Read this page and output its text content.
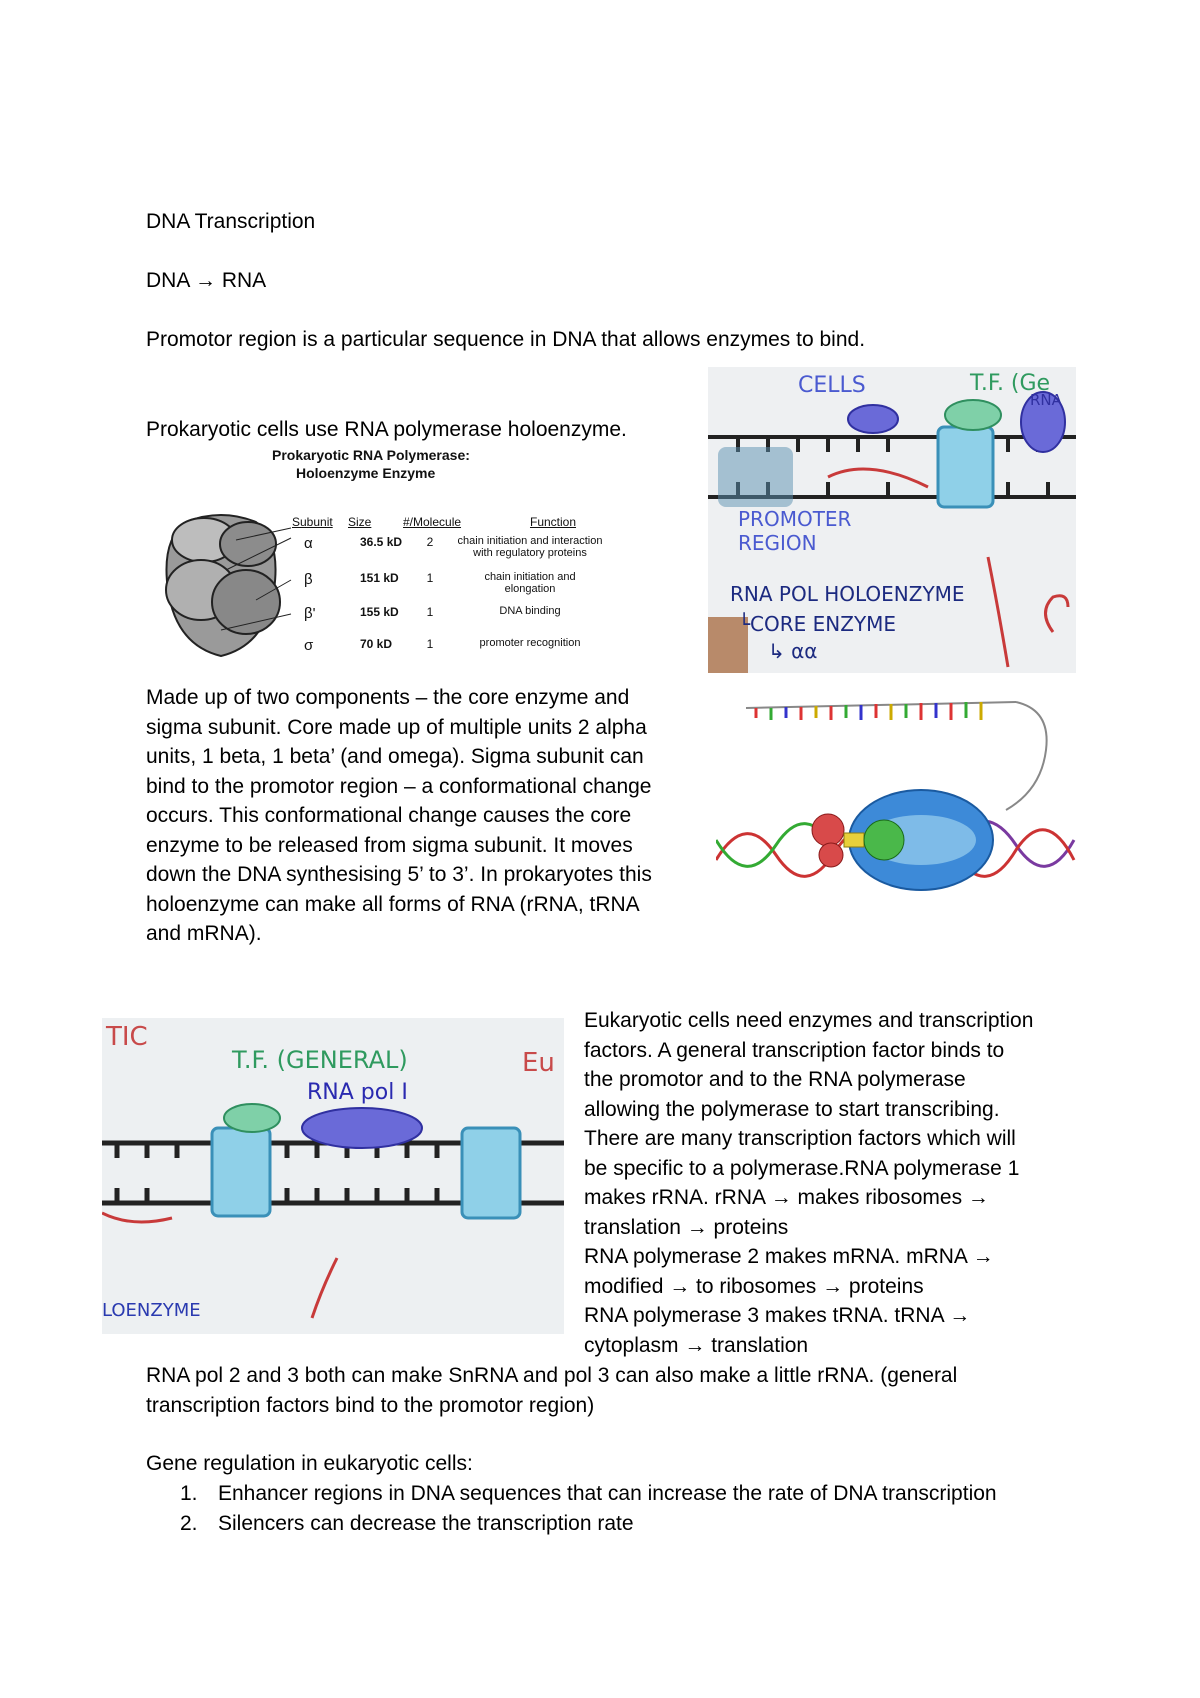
DNA Transcription

DNA → RNA

Promotor region is a particular sequence in DNA that allows enzymes to bind.

Prokaryotic cells use RNA polymerase holoenzyme.

Prokaryotic RNA Polymerase:
Holoenzyme Enzyme
Subunit	Size	#/Molecule	Function
α	36.5 kD	2	chain initiation and interaction
with regulatory proteins
β	151 kD	1	chain initiation and
elongation
β'	155 kD	1	DNA binding
σ	70 kD	1	promoter recognition

Made up of two components – the core enzyme and
sigma subunit. Core made up of multiple units 2 alpha
units, 1 beta, 1 beta’ (and omega). Sigma subunit can
bind to the promotor region – a conformational change
occurs. This conformational change causes the core
enzyme to be released from sigma subunit. It moves
down the DNA synthesising 5’ to 3’. In prokaryotes this
holoenzyme can make all forms of RNA (rRNA, tRNA
and mRNA).

CELLS	T.F. (Ge
RNA
PROMOTER
REGION
RNA POL HOLOENZYME
└CORE ENZYME
↳ αα
TIC
T.F. (GENERAL)	Eu
RNA pol I
LOENZYME

Eukaryotic cells need enzymes and transcription
factors. A general transcription factor binds to
the promotor and to the RNA polymerase
allowing the polymerase to start transcribing.
There are many transcription factors which will
be specific to a polymerase.RNA polymerase 1
makes rRNA. rRNA → makes ribosomes →
translation → proteins
RNA polymerase 2 makes mRNA. mRNA →
modified → to ribosomes → proteins
RNA polymerase 3 makes tRNA. tRNA →
cytoplasm → translation

RNA pol 2 and 3 both can make SnRNA and pol 3 can also make a little rRNA. (general
transcription factors bind to the promotor region)

Gene regulation in eukaryotic cells:

1. Enhancer regions in DNA sequences that can increase the rate of DNA transcription
2. Silencers can decrease the transcription rate
